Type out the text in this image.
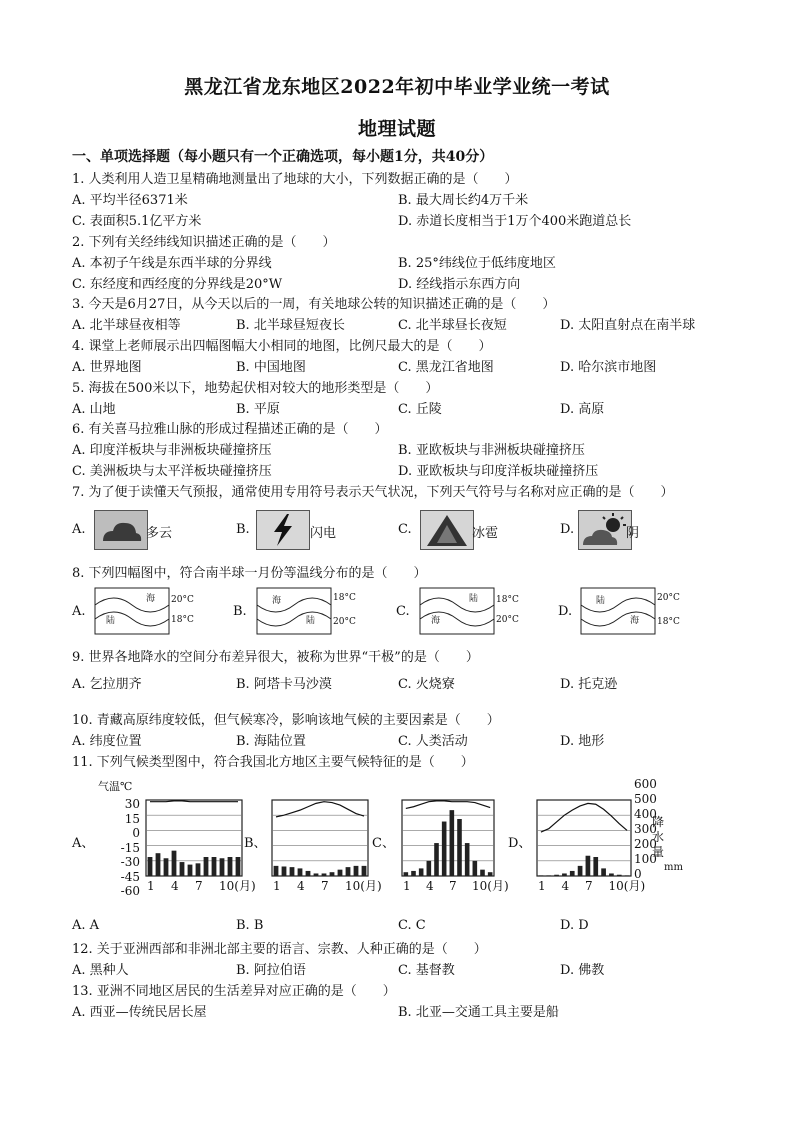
黑龙江省龙东地区2022年初中毕业学业统一考试
地理试题
一、单项选择题（每小题只有一个正确选项，每小题1分，共40分）
1. 人类利用人造卫星精确地测量出了地球的大小，下列数据正确的是（　　）
A. 平均半径6371米	B. 最大周长约4万千米
C. 表面积5.1亿平方米	D. 赤道长度相当于1万个400米跑道总长
2. 下列有关经纬线知识描述正确的是（　　）
A. 本初子午线是东西半球的分界线	B. 25°纬线位于低纬度地区
C. 东经度和西经度的分界线是20°W	D. 经线指示东西方向
3. 今天是6月27日，从今天以后的一周，有关地球公转的知识描述正确的是（　　）
A. 北半球昼夜相等	B. 北半球昼短夜长	C. 北半球昼长夜短	D. 太阳直射点在南半球
4. 课堂上老师展示出四幅图幅大小相同的地图，比例尺最大的是（　　）
A. 世界地图	B. 中国地图	C. 黑龙江省地图	D. 哈尔滨市地图
5. 海拔在500米以下，地势起伏相对较大的地形类型是（　　）
A. 山地	B. 平原	C. 丘陵	D. 高原
6. 有关喜马拉雅山脉的形成过程描述正确的是（　　）
A. 印度洋板块与非洲板块碰撞挤压	B. 亚欧板块与非洲板块碰撞挤压
C. 美洲板块与太平洋板块碰撞挤压	D. 亚欧板块与印度洋板块碰撞挤压
7. 为了便于读懂天气预报，通常使用专用符号表示天气状况，下列天气符号与名称对应正确的是（　　）
A.	多云	B.	闪电	C.	冰雹	D.	阴
8. 下列四幅图中，符合南半球一月份等温线分布的是（　　）
A.	B.	C.	D.
海
陆
20°C
18°C
海
陆
18°C
20°C
陆
海
18°C
20°C
陆
海
20°C
18°C
9. 世界各地降水的空间分布差异很大，被称为世界“干极”的是（　　）
A. 乞拉朋齐	B. 阿塔卡马沙漠	C. 火烧寮	D. 托克逊
10. 青藏高原纬度较低，但气候寒冷，影响该地气候的主要因素是（　　）
A. 纬度位置	B. 海陆位置	C. 人类活动	D. 地形
11. 下列气候类型图中，符合我国北方地区主要气候特征的是（　　）
A、	B、	C、	D、
气温℃
30
15
0
-15
-30
-45
-60
600
500
400
300
200
100
0
降
水
量
mm
1 4 7 10(月) 1 4 7 10(月) 1 4 7 10(月) 1 4 7 10(月)
A. A	B. B	C. C	D. D
12. 关于亚洲西部和非洲北部主要的语言、宗教、人种正确的是（　　）
A. 黑种人	B. 阿拉伯语	C. 基督教	D. 佛教
13. 亚洲不同地区居民的生活差异对应正确的是（　　）
A. 西亚—传统民居长屋	B. 北亚—交通工具主要是船
